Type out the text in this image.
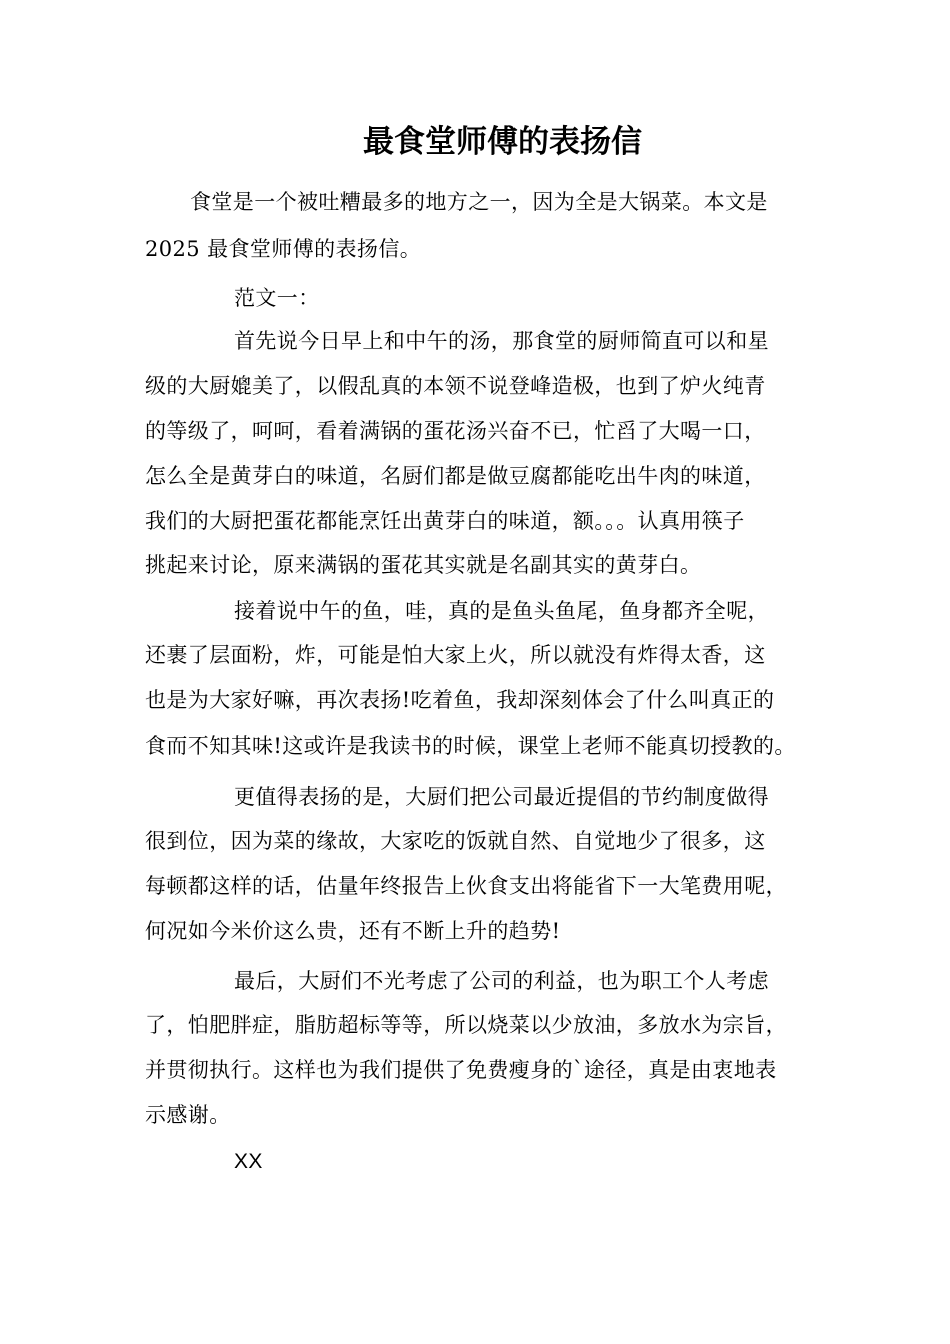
最食堂师傅的表扬信
食堂是一个被吐糟最多的地方之一，因为全是大锅菜。本文是
2025 最食堂师傅的表扬信。
范文一：
首先说今日早上和中午的汤，那食堂的厨师简直可以和星
级的大厨媲美了，以假乱真的本领不说登峰造极，也到了炉火纯青
的等级了，呵呵，看着满锅的蛋花汤兴奋不已，忙舀了大喝一口，
怎么全是黄芽白的味道，名厨们都是做豆腐都能吃出牛肉的味道，
我们的大厨把蛋花都能烹饪出黄芽白的味道，额。。。认真用筷子
挑起来讨论，原来满锅的蛋花其实就是名副其实的黄芽白。
接着说中午的鱼，哇，真的是鱼头鱼尾，鱼身都齐全呢，
还裹了层面粉，炸，可能是怕大家上火，所以就没有炸得太香，这
也是为大家好嘛，再次表扬!吃着鱼，我却深刻体会了什么叫真正的
食而不知其味!这或许是我读书的时候，课堂上老师不能真切授教的。
更值得表扬的是，大厨们把公司最近提倡的节约制度做得
很到位，因为菜的缘故，大家吃的饭就自然、自觉地少了很多，这
每顿都这样的话，估量年终报告上伙食支出将能省下一大笔费用呢，
何况如今米价这么贵，还有不断上升的趋势!
最后，大厨们不光考虑了公司的利益，也为职工个人考虑
了，怕肥胖症，脂肪超标等等，所以烧菜以少放油，多放水为宗旨，
并贯彻执行。这样也为我们提供了免费瘦身的`途径，真是由衷地表
示感谢。
XX
